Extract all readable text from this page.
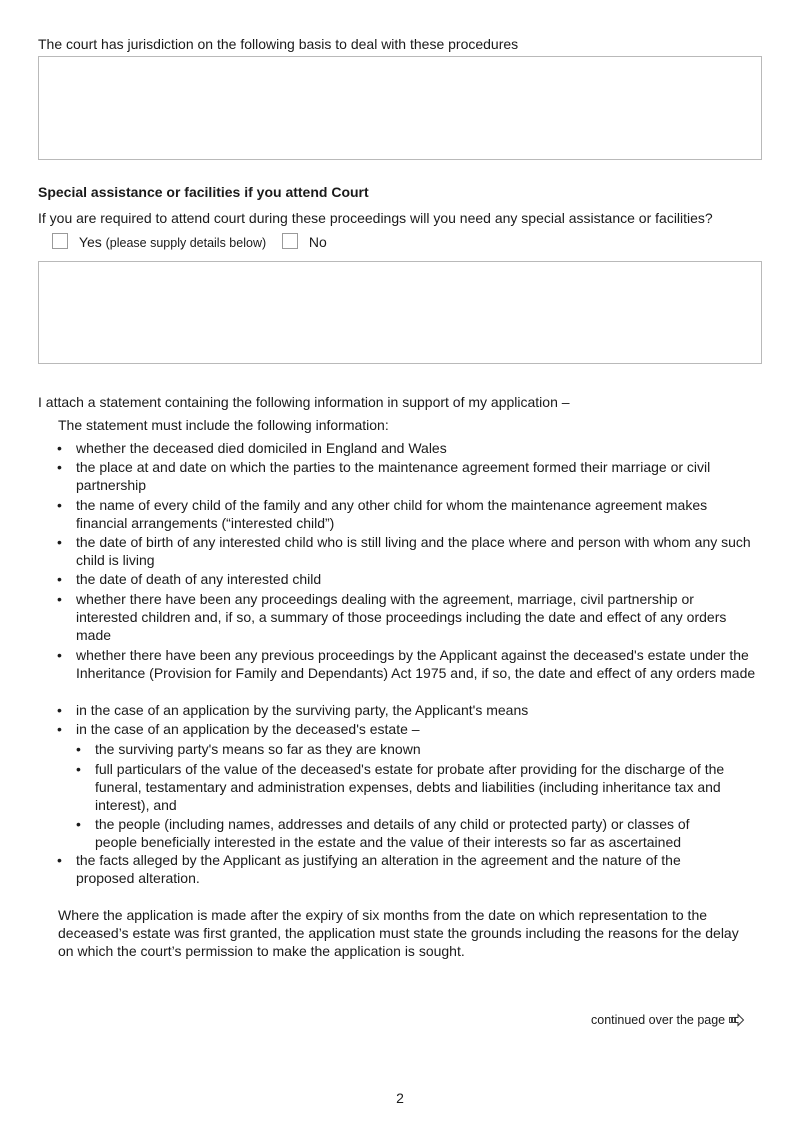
The court has jurisdiction on the following basis to deal with these procedures
Special assistance or facilities if you attend Court
If you are required to attend court during these proceedings will you need any special assistance or facilities?
Yes (please supply details below)	No
I attach a statement containing the following information in support of my application –
The statement must include the following information:
• whether the deceased died domiciled in England and Wales
• the place at and date on which the parties to the maintenance agreement formed their marriage or civil partnership
• the name of every child of the family and any other child for whom the maintenance agreement makes financial arrangements (“interested child”)
• the date of birth of any interested child who is still living and the place where and person with whom any such child is living
• the date of death of any interested child
• whether there have been any proceedings dealing with the agreement, marriage, civil partnership or interested children and, if so, a summary of those proceedings including the date and effect of any orders made
• whether there have been any previous proceedings by the Applicant against the deceased's estate under the Inheritance (Provision for Family and Dependants) Act 1975 and, if so, the date and effect of any orders made
• in the case of an application by the surviving party, the Applicant's means
• in the case of an application by the deceased's estate –
• the surviving party's means so far as they are known
• full particulars of the value of the deceased's estate for probate after providing for the discharge of the funeral, testamentary and administration expenses, debts and liabilities (including inheritance tax and interest), and
• the people (including names, addresses and details of any child or protected party) or classes of people beneficially interested in the estate and the value of their interests so far as ascertained
• the facts alleged by the Applicant as justifying an alteration in the agreement and the nature of the proposed alteration.
Where the application is made after the expiry of six months from the date on which representation to the deceased’s estate was first granted, the application must state the grounds including the reasons for the delay on which the court’s permission to make the application is sought.
continued over the page
2
